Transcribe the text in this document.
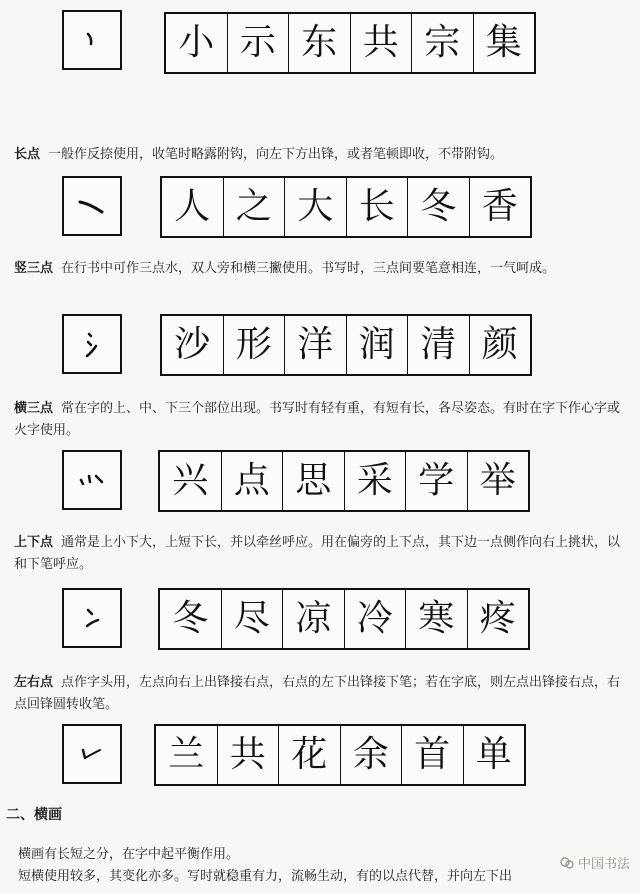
小 示 东 共 宗 集
长点 一般作反捺使用，收笔时略露附钩，向左下方出锋，或者笔顿即收，不带附钩。
人 之 大 长 冬 香
竖三点 在行书中可作三点水，双人旁和横三撇使用。书写时，三点间要笔意相连，一气呵成。
沙 形 洋 润 清 颜
横三点 常在字的上、中、下三个部位出现。书写时有轻有重，有短有长，各尽姿态。有时在字下作心字或火字使用。
兴 点 思 采 学 举
上下点 通常是上小下大，上短下长，并以牵丝呼应。用在偏旁的上下点，其下边一点侧作向右上挑状，以和下笔呼应。
冬 尽 凉 冷 寒 疼
左右点 点作字头用，左点向右上出锋接右点，右点的左下出锋接下笔；若在字底，则左点出锋接右点，右点回锋圆转收笔。
兰 共 花 余 首 单
二、横画
横画有长短之分，在字中起平衡作用。
短横使用较多，其变化亦多。写时就稳重有力，流畅生动，有的以点代替，并向左下出
中国书法
